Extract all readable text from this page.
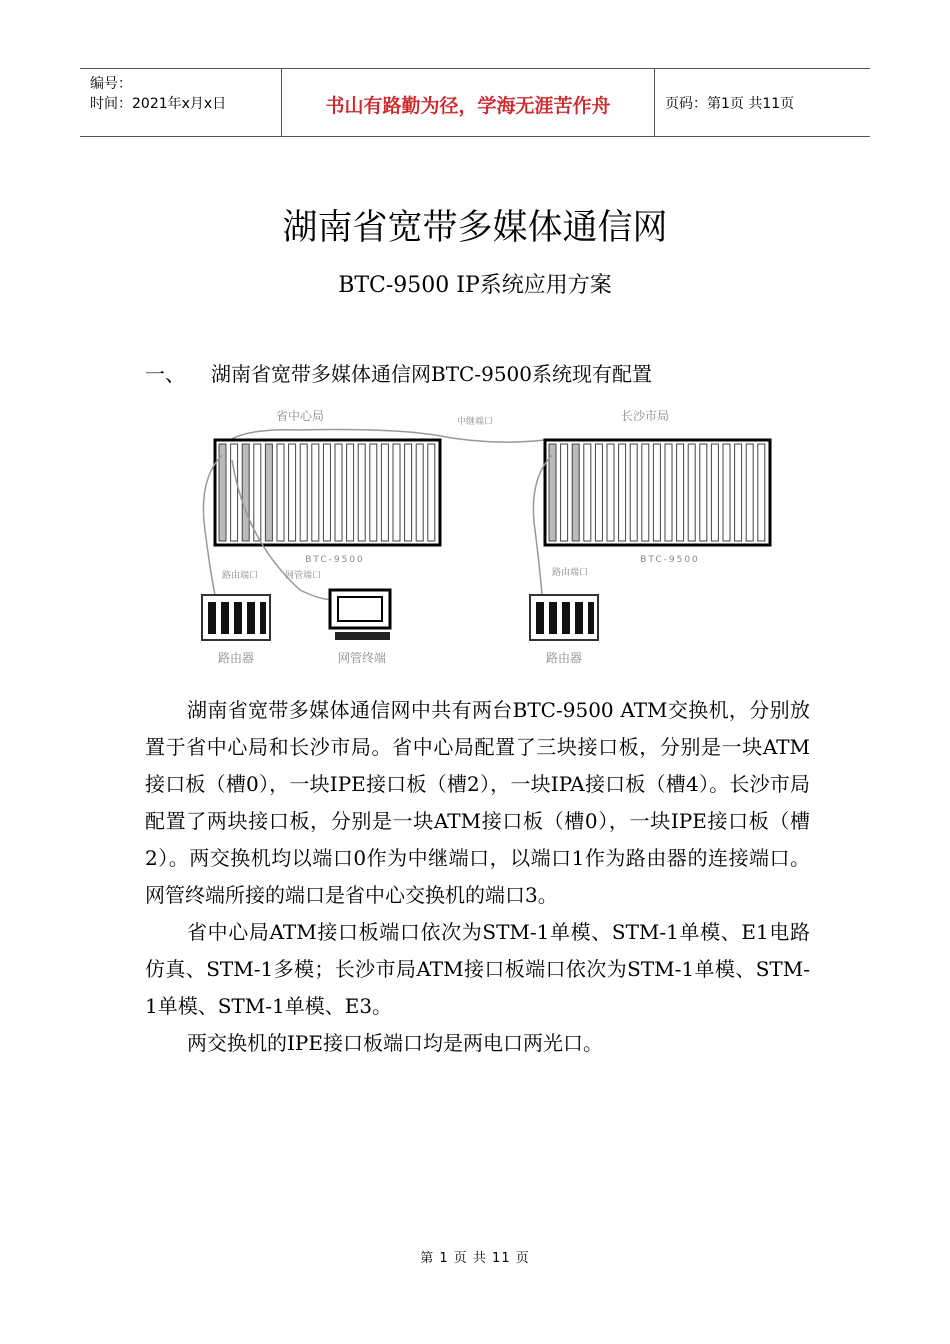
编号：
时间：2021年x月x日	书山有路勤为径，学海无涯苦作舟	页码：第1页 共11页
湖南省宽带多媒体通信网
BTC-9500 IP系统应用方案
一、 湖南省宽带多媒体通信网BTC-9500系统现有配置
省中心局	长沙市局
中继端口
BTC-9500	BTC-9500
路由端口	网管端口	路由端口
路由器	网管终端	路由器

湖南省宽带多媒体通信网中共有两台BTC-9500 ATM交换机，分别放置于省中心局和长沙市局。省中心局配置了三块接口板，分别是一块ATM接口板（槽0），一块IPE接口板（槽2），一块IPA接口板（槽4）。长沙市局配置了两块接口板，分别是一块ATM接口板（槽0），一块IPE接口板（槽2）。两交换机均以端口0作为中继端口，以端口1作为路由器的连接端口。网管终端所接的端口是省中心交换机的端口3。

省中心局ATM接口板端口依次为STM-1单模、STM-1单模、E1电路仿真、STM-1多模；长沙市局ATM接口板端口依次为STM-1单模、STM-1单模、STM-1单模、E3。

两交换机的IPE接口板端口均是两电口两光口。

第 1 页 共 11 页
